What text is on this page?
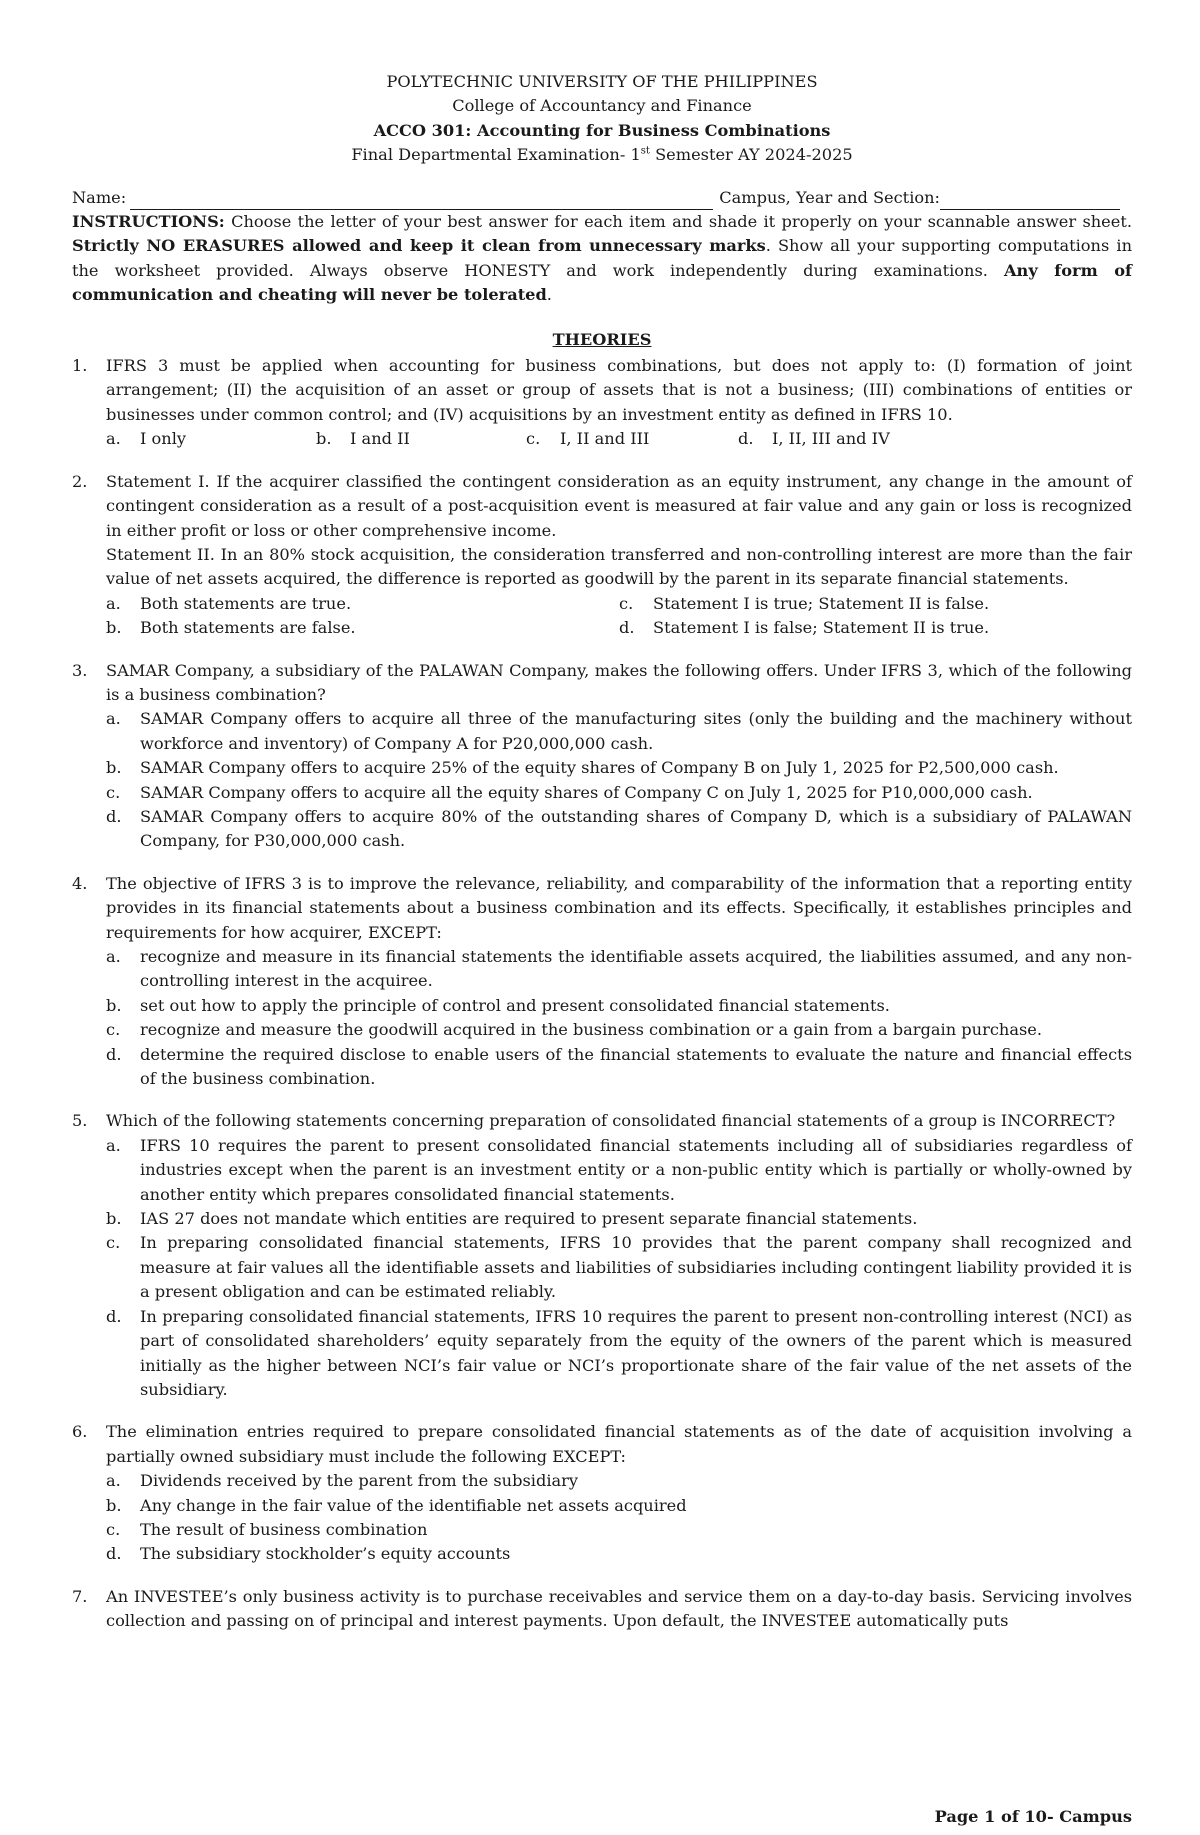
POLYTECHNIC UNIVERSITY OF THE PHILIPPINES
College of Accountancy and Finance
ACCO 301: Accounting for Business Combinations
Final Departmental Examination- 1st Semester AY 2024-2025
Name:	Campus, Year and Section:
INSTRUCTIONS: Choose the letter of your best answer for each item and shade it properly on your scannable answer sheet. Strictly NO ERASURES allowed and keep it clean from unnecessary marks. Show all your supporting computations in the worksheet provided. Always observe HONESTY and work independently during examinations. Any form of communication and cheating will never be tolerated.
THEORIES
1.	IFRS 3 must be applied when accounting for business combinations, but does not apply to: (I) formation of joint arrangement; (II) the acquisition of an asset or group of assets that is not a business; (III) combinations of entities or businesses under common control; and (IV) acquisitions by an investment entity as defined in IFRS 10.
a.	I only	b.	I and II	c.	I, II and III	d.	I, II, III and IV
2.	Statement I. If the acquirer classified the contingent consideration as an equity instrument, any change in the amount of contingent consideration as a result of a post-acquisition event is measured at fair value and any gain or loss is recognized in either profit or loss or other comprehensive income.
Statement II. In an 80% stock acquisition, the consideration transferred and non-controlling interest are more than the fair value of net assets acquired, the difference is reported as goodwill by the parent in its separate financial statements.
a.	Both statements are true.	c.	Statement I is true; Statement II is false.
b.	Both statements are false.	d.	Statement I is false; Statement II is true.
3.	SAMAR Company, a subsidiary of the PALAWAN Company, makes the following offers. Under IFRS 3, which of the following is a business combination?
a.	SAMAR Company offers to acquire all three of the manufacturing sites (only the building and the machinery without workforce and inventory) of Company A for P20,000,000 cash.
b.	SAMAR Company offers to acquire 25% of the equity shares of Company B on July 1, 2025 for P2,500,000 cash.
c.	SAMAR Company offers to acquire all the equity shares of Company C on July 1, 2025 for P10,000,000 cash.
d.	SAMAR Company offers to acquire 80% of the outstanding shares of Company D, which is a subsidiary of PALAWAN Company, for P30,000,000 cash.
4.	The objective of IFRS 3 is to improve the relevance, reliability, and comparability of the information that a reporting entity provides in its financial statements about a business combination and its effects. Specifically, it establishes principles and requirements for how acquirer, EXCEPT:
a.	recognize and measure in its financial statements the identifiable assets acquired, the liabilities assumed, and any non-controlling interest in the acquiree.
b.	set out how to apply the principle of control and present consolidated financial statements.
c.	recognize and measure the goodwill acquired in the business combination or a gain from a bargain purchase.
d.	determine the required disclose to enable users of the financial statements to evaluate the nature and financial effects of the business combination.
5.	Which of the following statements concerning preparation of consolidated financial statements of a group is INCORRECT?
a.	IFRS 10 requires the parent to present consolidated financial statements including all of subsidiaries regardless of industries except when the parent is an investment entity or a non-public entity which is partially or wholly-owned by another entity which prepares consolidated financial statements.
b.	IAS 27 does not mandate which entities are required to present separate financial statements.
c.	In preparing consolidated financial statements, IFRS 10 provides that the parent company shall recognized and measure at fair values all the identifiable assets and liabilities of subsidiaries including contingent liability provided it is a present obligation and can be estimated reliably.
d.	In preparing consolidated financial statements, IFRS 10 requires the parent to present non-controlling interest (NCI) as part of consolidated shareholders’ equity separately from the equity of the owners of the parent which is measured initially as the higher between NCI’s fair value or NCI’s proportionate share of the fair value of the net assets of the subsidiary.
6.	The elimination entries required to prepare consolidated financial statements as of the date of acquisition involving a partially owned subsidiary must include the following EXCEPT:
a.	Dividends received by the parent from the subsidiary
b.	Any change in the fair value of the identifiable net assets acquired
c.	The result of business combination
d.	The subsidiary stockholder’s equity accounts
7.	An INVESTEE’s only business activity is to purchase receivables and service them on a day-to-day basis. Servicing involves collection and passing on of principal and interest payments. Upon default, the INVESTEE automatically puts
Page 1 of 10- Campus
